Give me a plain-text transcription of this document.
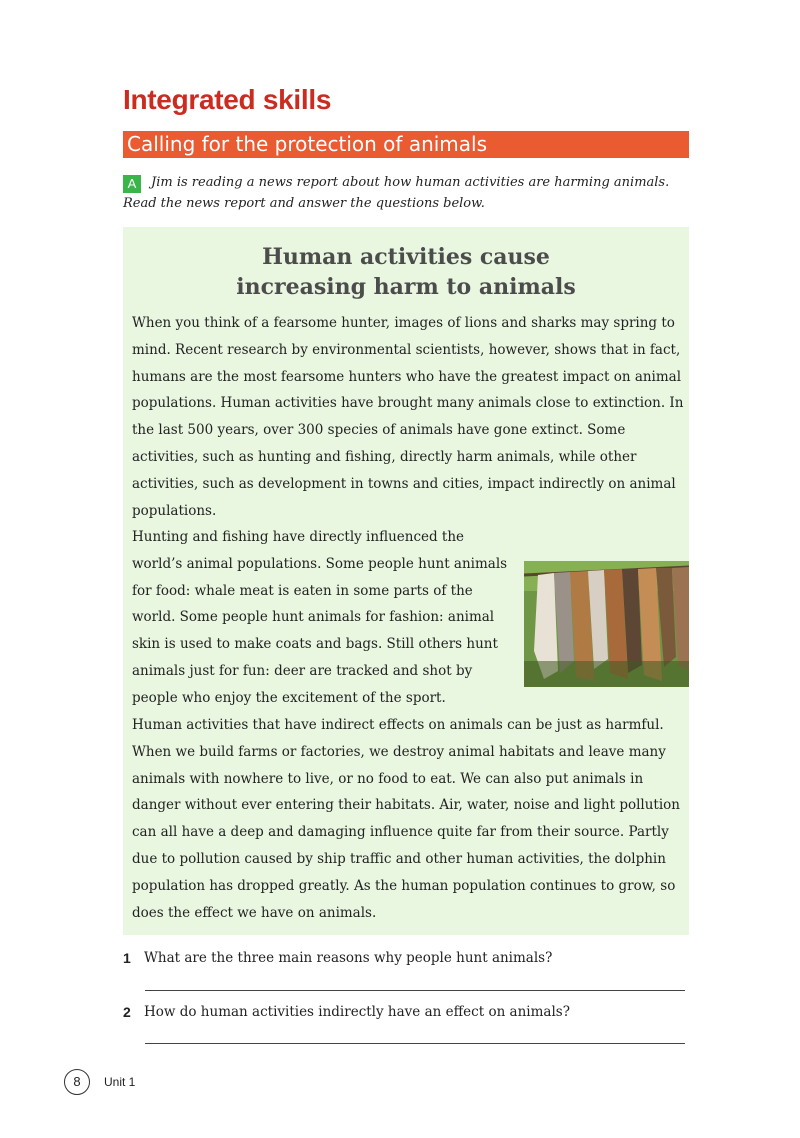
Integrated skills
Calling for the protection of animals
A Jim is reading a news report about how human activities are harming animals. Read the news report and answer the questions below.
Human activities cause
increasing harm to animals

When you think of a fearsome hunter, images of lions and sharks may spring to mind. Recent research by environmental scientists, however, shows that in fact, humans are the most fearsome hunters who have the greatest impact on animal populations. Human activities have brought many animals close to extinction. In the last 500 years, over 300 species of animals have gone extinct. Some activities, such as hunting and fishing, directly harm animals, while other activities, such as development in towns and cities, impact indirectly on animal populations.

Hunting and fishing have directly influenced the world’s animal populations. Some people hunt animals for food: whale meat is eaten in some parts of the world. Some people hunt animals for fashion: animal skin is used to make coats and bags. Still others hunt animals just for fun: deer are tracked and shot by people who enjoy the excitement of the sport.

Human activities that have indirect effects on animals can be just as harmful. When we build farms or factories, we destroy animal habitats and leave many animals with nowhere to live, or no food to eat. We can also put animals in danger without ever entering their habitats. Air, water, noise and light pollution can all have a deep and damaging influence quite far from their source. Partly due to pollution caused by ship traffic and other human activities, the dolphin population has dropped greatly. As the human population continues to grow, so does the effect we have on animals.

1 What are the three main reasons why people hunt animals?
2 How do human activities indirectly have an effect on animals?
8	Unit 1
